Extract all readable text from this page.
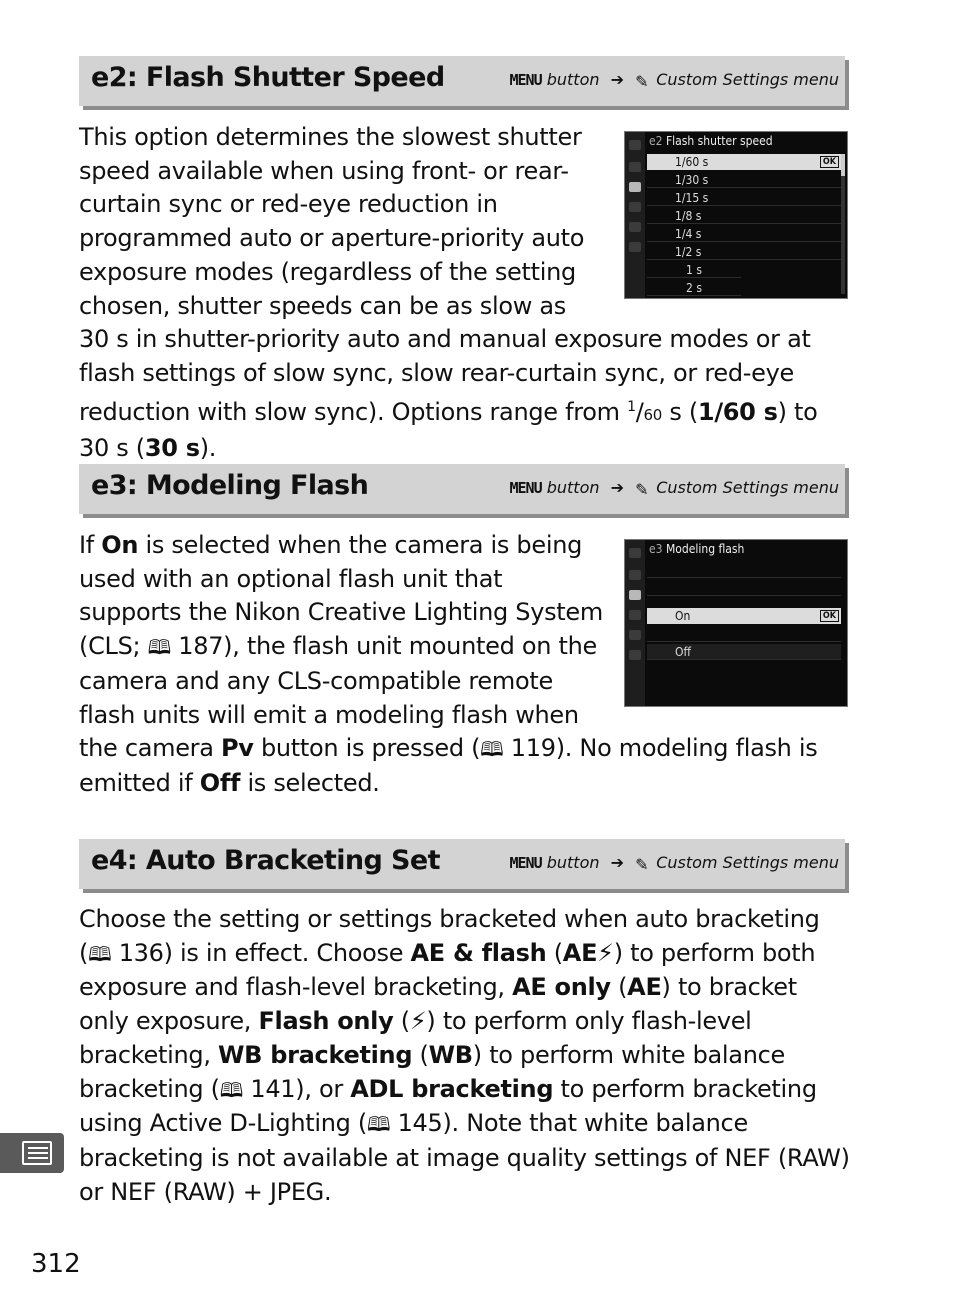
e2: Flash Shutter Speed	MENU button ➔ ✎ Custom Settings menu
e2 Flash shutter speed
1/60 s	OK
1/30 s
1/15 s
1/8 s
1/4 s
1/2 s
1 s
2 s

This option determines the slowest shutter speed available when using front- or rear-curtain sync or red-eye reduction in programmed auto or aperture-priority auto exposure modes (regardless of the setting chosen, shutter speeds can be as slow as 30 s in shutter-priority auto and manual exposure modes or at flash settings of slow sync, slow rear-curtain sync, or red-eye reduction with slow sync). Options range from $^1$/60 s (1/60 s) to 30 s (30 s).

e3: Modeling Flash	MENU button ➔ ✎ Custom Settings menu
e3 Modeling flash
On	OK
Off

If On is selected when the camera is being used with an optional flash unit that supports the Nikon Creative Lighting System (CLS; 🕮 187), the flash unit mounted on the camera and any CLS-compatible remote flash units will emit a modeling flash when the camera Pv button is pressed (🕮 119). No modeling flash is emitted if Off is selected.

e4: Auto Bracketing Set	MENU button ➔ ✎ Custom Settings menu

Choose the setting or settings bracketed when auto bracketing (🕮 136) is in effect. Choose AE & flash (AE⚡) to perform both exposure and flash-level bracketing, AE only (AE) to bracket only exposure, Flash only (⚡) to perform only flash-level bracketing, WB bracketing (WB) to perform white balance bracketing (🕮 141), or ADL bracketing to perform bracketing using Active D-Lighting (🕮 145). Note that white balance bracketing is not available at image quality settings of NEF (RAW) or NEF (RAW) + JPEG.

312
